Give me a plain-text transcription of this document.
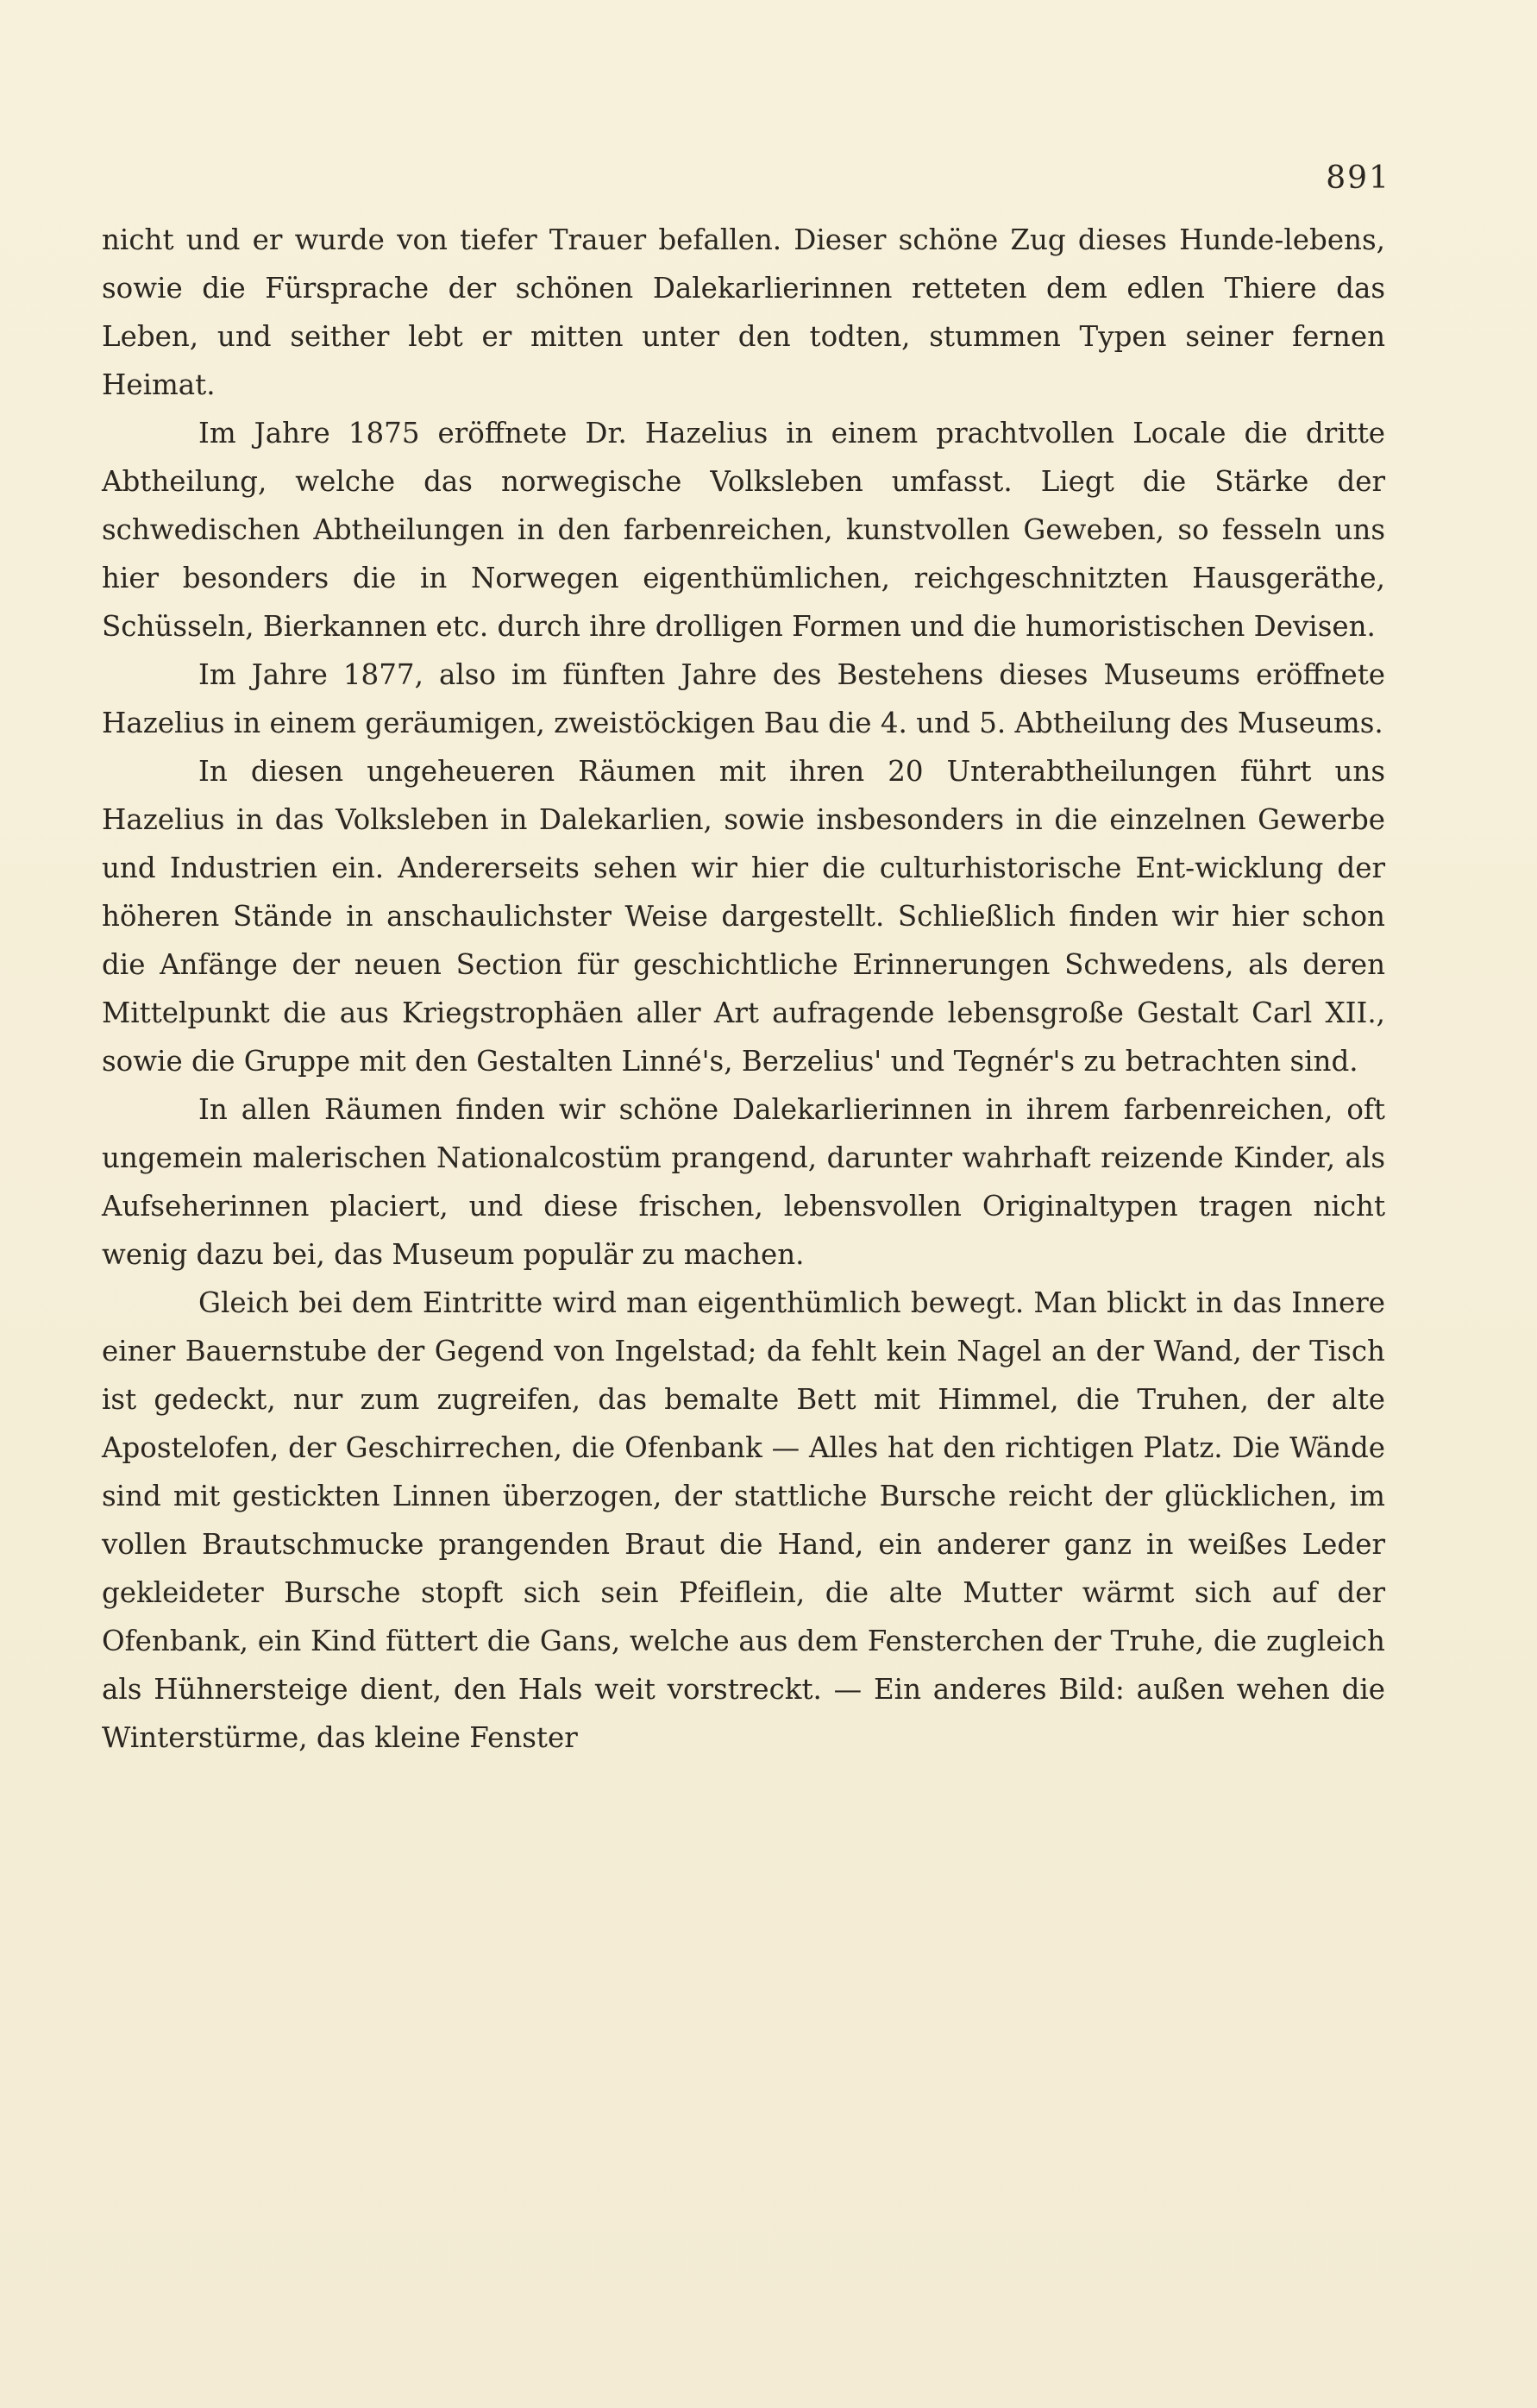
891

nicht und er wurde von tiefer Trauer befallen. Dieser schöne Zug dieses Hunde-lebens, sowie die Fürsprache der schönen Dalekarlierinnen retteten dem edlen Thiere das Leben, und seither lebt er mitten unter den todten, stummen Typen seiner fernen Heimat.

Im Jahre 1875 eröffnete Dr. Hazelius in einem prachtvollen Locale die dritte Abtheilung, welche das norwegische Volksleben umfasst. Liegt die Stärke der schwedischen Abtheilungen in den farbenreichen, kunstvollen Geweben, so fesseln uns hier besonders die in Norwegen eigenthümlichen, reichgeschnitzten Hausgeräthe, Schüsseln, Bierkannen etc. durch ihre drolligen Formen und die humoristischen Devisen.

Im Jahre 1877, also im fünften Jahre des Bestehens dieses Museums eröffnete Hazelius in einem geräumigen, zweistöckigen Bau die 4. und 5. Abtheilung des Museums.

In diesen ungeheueren Räumen mit ihren 20 Unterabtheilungen führt uns Hazelius in das Volksleben in Dalekarlien, sowie insbesonders in die einzelnen Gewerbe und Industrien ein. Andererseits sehen wir hier die culturhistorische Ent-wicklung der höheren Stände in anschaulichster Weise dargestellt. Schließlich finden wir hier schon die Anfänge der neuen Section für geschichtliche Erinnerungen Schwedens, als deren Mittelpunkt die aus Kriegstrophäen aller Art aufragende lebensgroße Gestalt Carl XII., sowie die Gruppe mit den Gestalten Linné's, Berzelius' und Tegnér's zu betrachten sind.

In allen Räumen finden wir schöne Dalekarlierinnen in ihrem farbenreichen, oft ungemein malerischen Nationalcostüm prangend, darunter wahrhaft reizende Kinder, als Aufseherinnen placiert, und diese frischen, lebensvollen Originaltypen tragen nicht wenig dazu bei, das Museum populär zu machen.

Gleich bei dem Eintritte wird man eigenthümlich bewegt. Man blickt in das Innere einer Bauernstube der Gegend von Ingelstad; da fehlt kein Nagel an der Wand, der Tisch ist gedeckt, nur zum zugreifen, das bemalte Bett mit Himmel, die Truhen, der alte Apostelofen, der Geschirrechen, die Ofenbank — Alles hat den richtigen Platz. Die Wände sind mit gestickten Linnen überzogen, der stattliche Bursche reicht der glücklichen, im vollen Brautschmucke prangenden Braut die Hand, ein anderer ganz in weißes Leder gekleideter Bursche stopft sich sein Pfeiflein, die alte Mutter wärmt sich auf der Ofenbank, ein Kind füttert die Gans, welche aus dem Fensterchen der Truhe, die zugleich als Hühnersteige dient, den Hals weit vorstreckt. — Ein anderes Bild: außen wehen die Winterstürme, das kleine Fenster
